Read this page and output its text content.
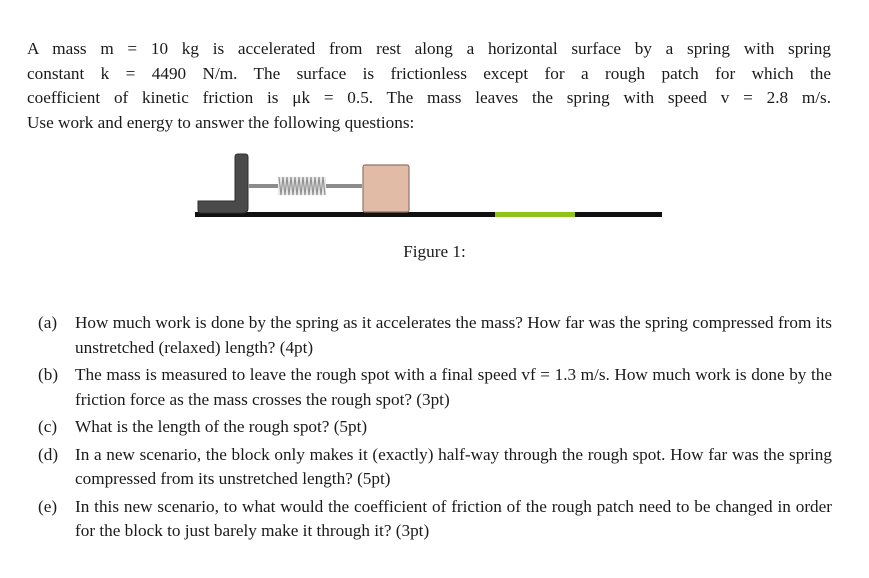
A mass m = 10 kg is accelerated from rest along a horizontal surface by a spring with spring
constant k = 4490 N/m. The surface is frictionless except for a rough patch for which the
coefficient of kinetic friction is μk = 0.5. The mass leaves the spring with speed v = 2.8 m/s.
Use work and energy to answer the following questions:
Figure 1:
(a) How much work is done by the spring as it accelerates the mass? How far was the spring compressed from its unstretched (relaxed) length? (4pt)
(b) The mass is measured to leave the rough spot with a final speed vf = 1.3 m/s. How much work is done by the friction force as the mass crosses the rough spot? (3pt)
(c) What is the length of the rough spot? (5pt)
(d) In a new scenario, the block only makes it (exactly) half-way through the rough spot. How far was the spring compressed from its unstretched length? (5pt)
(e) In this new scenario, to what would the coefficient of friction of the rough patch need to be changed in order for the block to just barely make it through it? (3pt)
